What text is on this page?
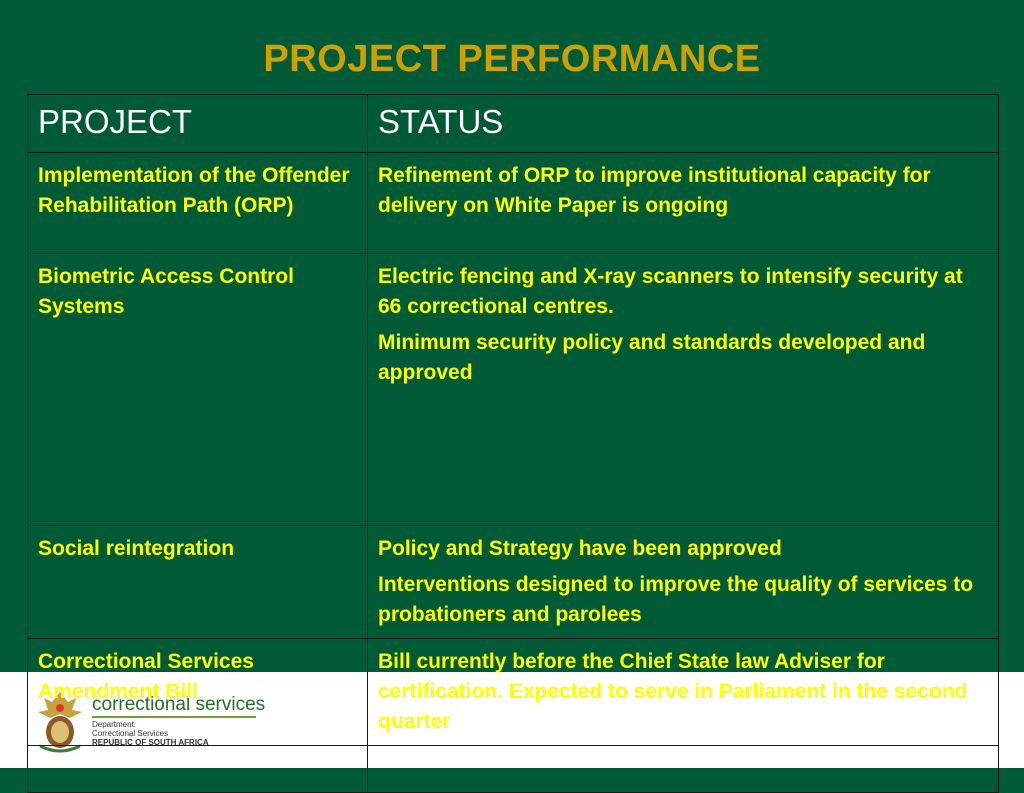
correctional services
Department:
Correctional Services
REPUBLIC OF SOUTH AFRICA
PROJECT PERFORMANCE
PROJECT	STATUS

Implementation of the Offender Rehabilitation Path (ORP)	Refinement of ORP to improve institutional capacity for delivery on White Paper is ongoing

Biometric Access Control Systems	Electric fencing and X-ray scanners to intensify security at 66 correctional centres.

Minimum security policy and standards developed and approved

Social reintegration	Policy and Strategy have been approved

Interventions designed to improve the quality of services to probationers and parolees

Correctional Services Amendment Bill	Bill currently before the Chief State law Adviser for certification. Expected to serve in Parliament in the second quarter
